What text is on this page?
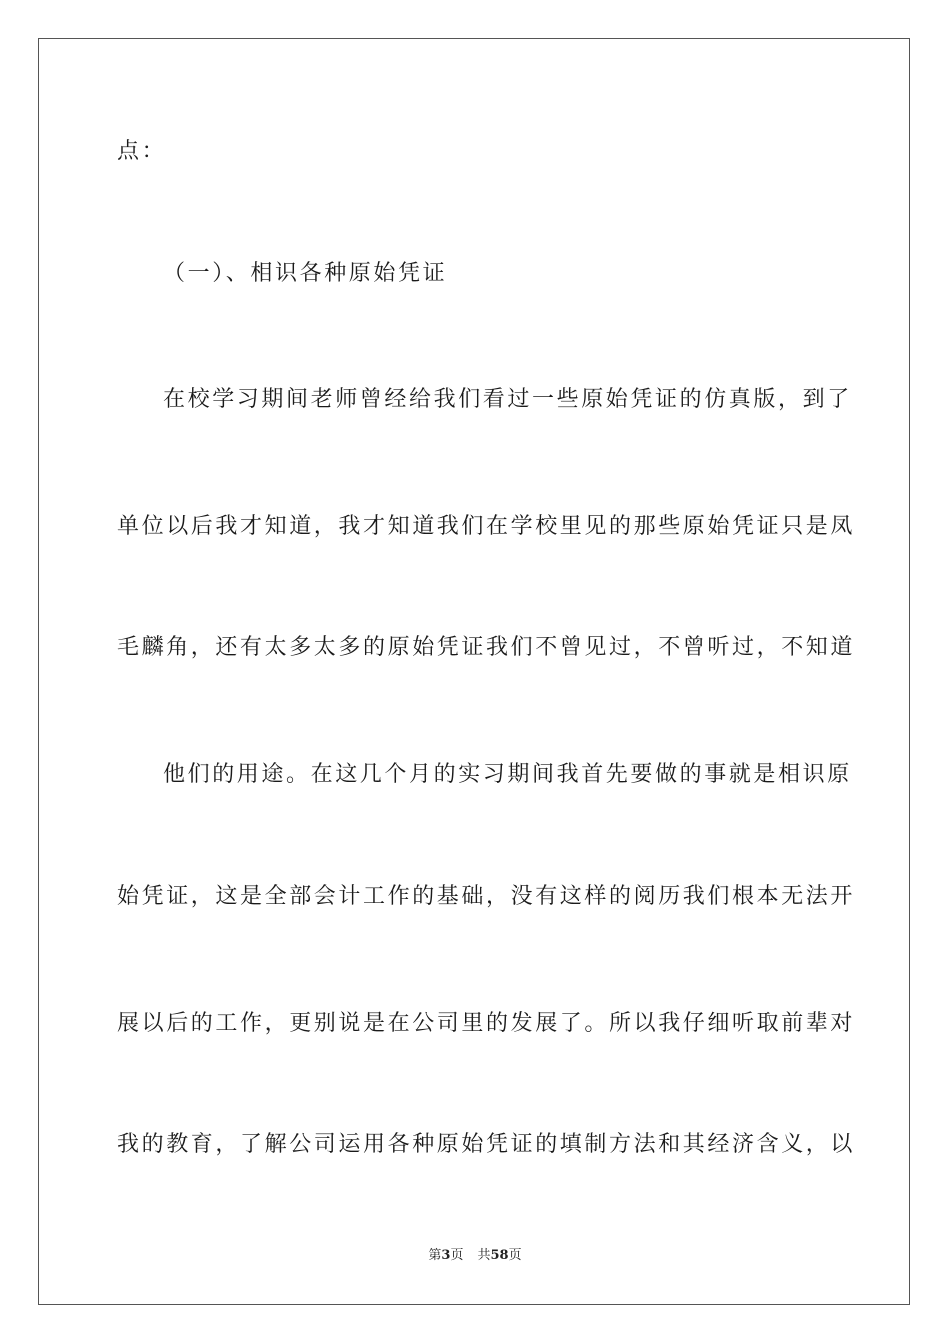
点：
（一）、相识各种原始凭证
在校学习期间老师曾经给我们看过一些原始凭证的仿真版，到了
单位以后我才知道，我才知道我们在学校里见的那些原始凭证只是凤
毛麟角，还有太多太多的原始凭证我们不曾见过，不曾听过，不知道
他们的用途。在这几个月的实习期间我首先要做的事就是相识原
始凭证，这是全部会计工作的基础，没有这样的阅历我们根本无法开
展以后的工作，更别说是在公司里的发展了。所以我仔细听取前辈对
我的教育，了解公司运用各种原始凭证的填制方法和其经济含义，以
第3页 共58页
